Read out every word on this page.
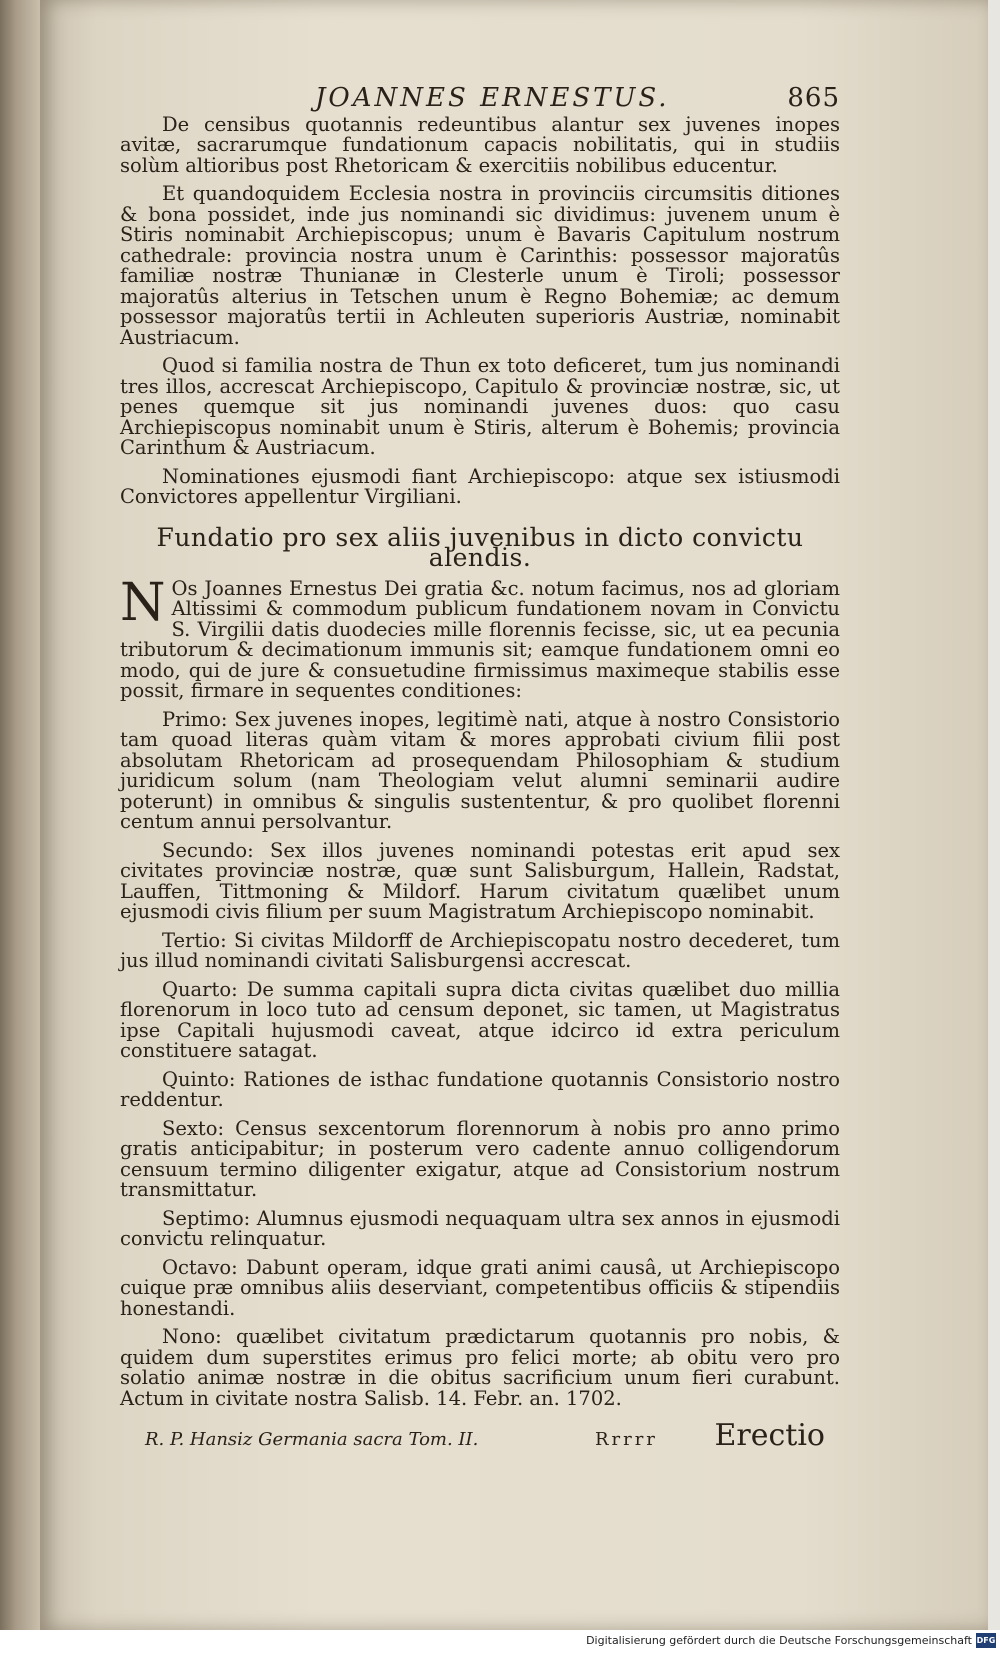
JOANNES ERNESTUS.	865

De censibus quotannis redeuntibus alantur sex juvenes inopes avitæ, sacrarumque fundationum capacis nobilitatis, qui in studiis solùm altioribus post Rhetoricam & exercitiis nobilibus educentur.

Et quandoquidem Ecclesia nostra in provinciis circumsitis ditiones & bona possidet, inde jus nominandi sic dividimus: juvenem unum è Stiris nominabit Archiepiscopus; unum è Bavaris Capitulum nostrum cathedrale: provincia nostra unum è Carinthis: possessor majoratûs familiæ nostræ Thunianæ in Clesterle unum è Tiroli; possessor majoratûs alterius in Tetschen unum è Regno Bohemiæ; ac demum possessor majoratûs tertii in Achleuten superioris Austriæ, nominabit Austriacum.

Quod si familia nostra de Thun ex toto deficeret, tum jus nominandi tres illos, accrescat Archiepiscopo, Capitulo & provinciæ nostræ, sic, ut penes quemque sit jus nominandi juvenes duos: quo casu Archiepiscopus nominabit unum è Stiris, alterum è Bohemis; provincia Carinthum & Austriacum.

Nominationes ejusmodi fiant Archiepiscopo: atque sex istiusmodi Convictores appellentur Virgiliani.

Fundatio pro sex aliis juvenibus in dicto convictu alendis.

N Os Joannes Ernestus Dei gratia &c. notum facimus, nos ad gloriam Altissimi & commodum publicum fundationem novam in Convictu S. Virgilii datis duodecies mille florennis fecisse, sic, ut ea pecunia tributorum & decimationum immunis sit; eamque fundationem omni eo modo, qui de jure & consuetudine firmissimus maximeque stabilis esse possit, firmare in sequentes conditiones:

Primo: Sex juvenes inopes, legitimè nati, atque à nostro Consistorio tam quoad literas quàm vitam & mores approbati civium filii post absolutam Rhetoricam ad prosequendam Philosophiam & studium juridicum solum (nam Theologiam velut alumni seminarii audire poterunt) in omnibus & singulis sustententur, & pro quolibet florenni centum annui persolvantur.

Secundo: Sex illos juvenes nominandi potestas erit apud sex civitates provinciæ nostræ, quæ sunt Salisburgum, Hallein, Radstat, Lauffen, Tittmoning & Mildorf. Harum civitatum quælibet unum ejusmodi civis filium per suum Magistratum Archiepiscopo nominabit.

Tertio: Si civitas Mildorff de Archiepiscopatu nostro decederet, tum jus illud nominandi civitati Salisburgensi accrescat.

Quarto: De summa capitali supra dicta civitas quælibet duo millia florenorum in loco tuto ad censum deponet, sic tamen, ut Magistratus ipse Capitali hujusmodi caveat, atque idcirco id extra periculum constituere satagat.

Quinto: Rationes de isthac fundatione quotannis Consistorio nostro reddentur.

Sexto: Census sexcentorum florennorum à nobis pro anno primo gratis anticipabitur; in posterum vero cadente annuo colligendorum censuum termino diligenter exigatur, atque ad Consistorium nostrum transmittatur.

Septimo: Alumnus ejusmodi nequaquam ultra sex annos in ejusmodi convictu relinquatur.

Octavo: Dabunt operam, idque grati animi causâ, ut Archiepiscopo cuique præ omnibus aliis deserviant, competentibus officiis & stipendiis honestandi.

Nono: quælibet civitatum prædictarum quotannis pro nobis, & quidem dum superstites erimus pro felici morte; ab obitu vero pro solatio animæ nostræ in die obitus sacrificium unum fieri curabunt. Actum in civitate nostra Salisb. 14. Febr. an. 1702.

R. P. Hansiz Germania sacra Tom. II.	Rrrrr Erectio
Digitalisierung gefördert durch die Deutsche Forschungsgemeinschaft DFG
